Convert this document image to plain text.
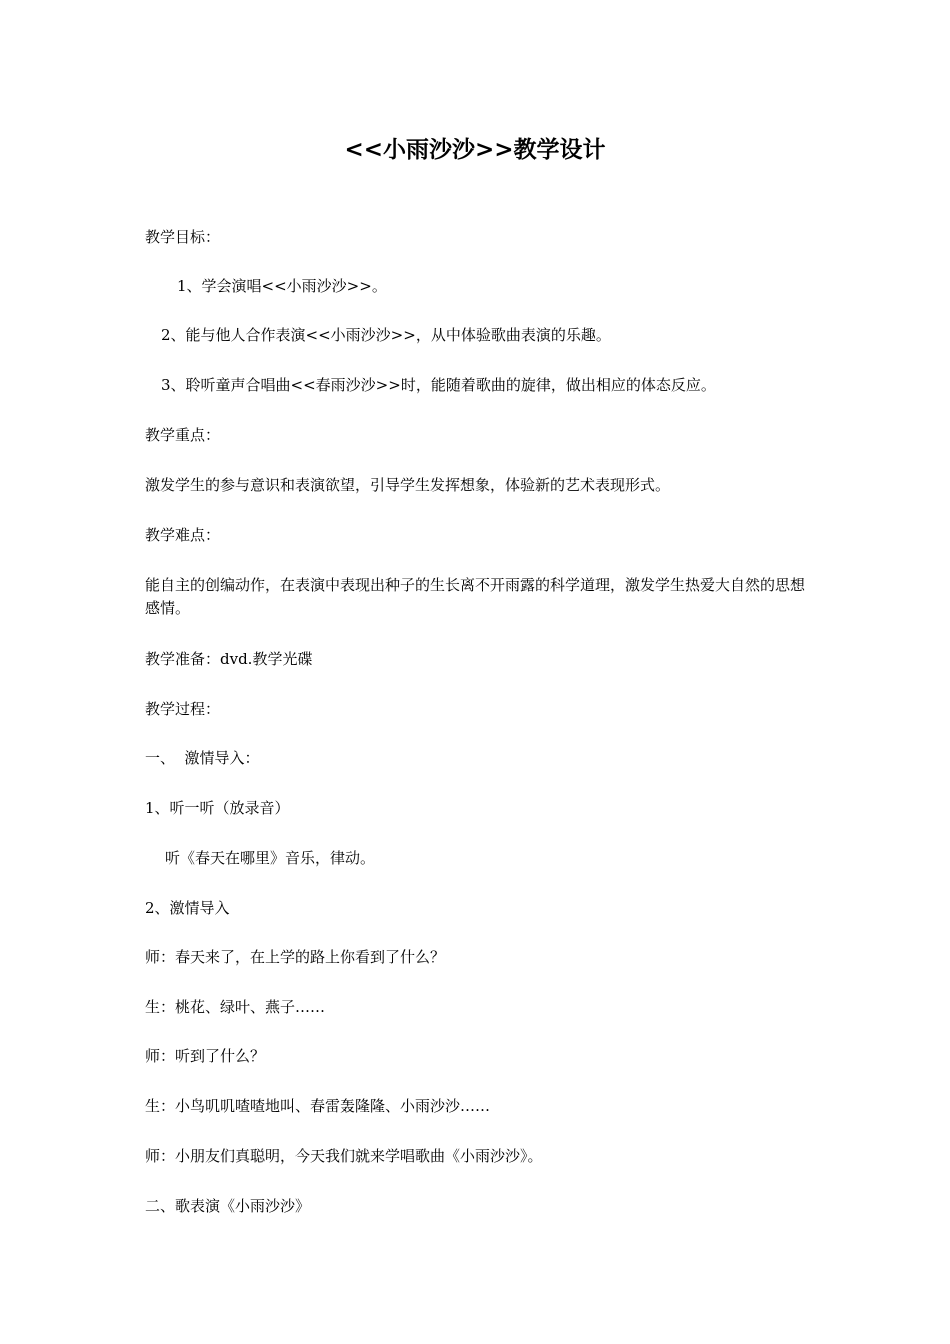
<<小雨沙沙>>教学设计

教学目标：

1、学会演唱<<小雨沙沙>>。

2、能与他人合作表演<<小雨沙沙>>，从中体验歌曲表演的乐趣。

3、聆听童声合唱曲<<春雨沙沙>>时，能随着歌曲的旋律，做出相应的体态反应。

教学重点：

激发学生的参与意识和表演欲望，引导学生发挥想象，体验新的艺术表现形式。

教学难点：

能自主的创编动作，在表演中表现出种子的生长离不开雨露的科学道理，激发学生热爱大自然的思想感情。

教学准备：dvd.教学光碟

教学过程：

一、  激情导入：

1、听一听（放录音）

听《春天在哪里》音乐，律动。

2、激情导入

师：春天来了，在上学的路上你看到了什么？

生：桃花、绿叶、燕子……

师：听到了什么？

生：小鸟叽叽喳喳地叫、春雷轰隆隆、小雨沙沙……

师：小朋友们真聪明，今天我们就来学唱歌曲《小雨沙沙》。

二、歌表演《小雨沙沙》
